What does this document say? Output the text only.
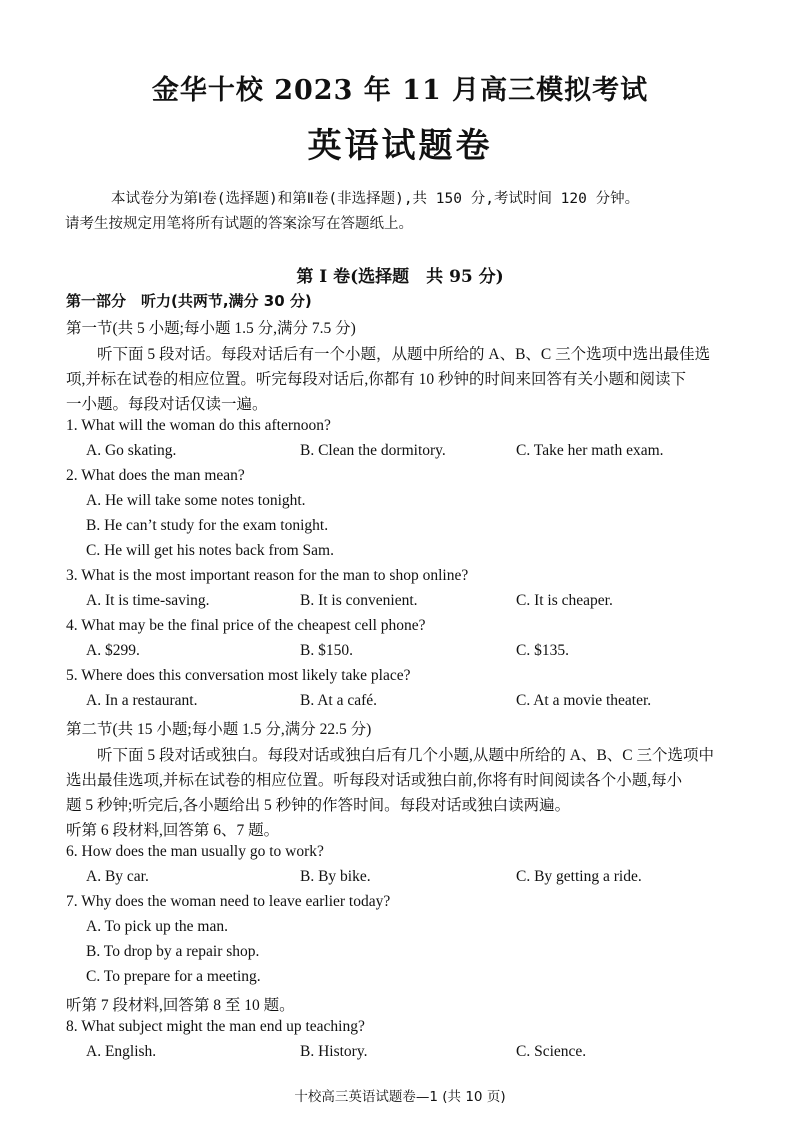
金华十校 2023 年 11 月高三模拟考试
英语试题卷
本试卷分为第Ⅰ卷(选择题)和第Ⅱ卷(非选择题),共 150 分,考试时间 120 分钟。
请考生按规定用笔将所有试题的答案涂写在答题纸上。
第 I 卷(选择题　共 95 分)
第一部分　听力(共两节,满分 30 分)
第一节(共 5 小题;每小题 1.5 分,满分 7.5 分)
听下面 5 段对话。每段对话后有一个小题，从题中所给的 A、B、C 三个选项中选出最佳选
项,并标在试卷的相应位置。听完每段对话后,你都有 10 秒钟的时间来回答有关小题和阅读下
一小题。每段对话仅读一遍。
1. What will the woman do this afternoon?
A. Go skating.	B. Clean the dormitory.	C. Take her math exam.
2. What does the man mean?
A. He will take some notes tonight.
B. He can’t study for the exam tonight.
C. He will get his notes back from Sam.
3. What is the most important reason for the man to shop online?
A. It is time-saving.	B. It is convenient.	C. It is cheaper.
4. What may be the final price of the cheapest cell phone?
A. $299.	B. $150.	C. $135.
5. Where does this conversation most likely take place?
A. In a restaurant.	B. At a café.	C. At a movie theater.
第二节(共 15 小题;每小题 1.5 分,满分 22.5 分)
听下面 5 段对话或独白。每段对话或独白后有几个小题,从题中所给的 A、B、C 三个选项中
选出最佳选项,并标在试卷的相应位置。听每段对话或独白前,你将有时间阅读各个小题,每小
题 5 秒钟;听完后,各小题给出 5 秒钟的作答时间。每段对话或独白读两遍。
听第 6 段材料,回答第 6、7 题。
6. How does the man usually go to work?
A. By car.	B. By bike.	C. By getting a ride.
7. Why does the woman need to leave earlier today?
A. To pick up the man.
B. To drop by a repair shop.
C. To prepare for a meeting.
听第 7 段材料,回答第 8 至 10 题。
8. What subject might the man end up teaching?
A. English.	B. History.	C. Science.
十校高三英语试题卷—1 (共 10 页)
